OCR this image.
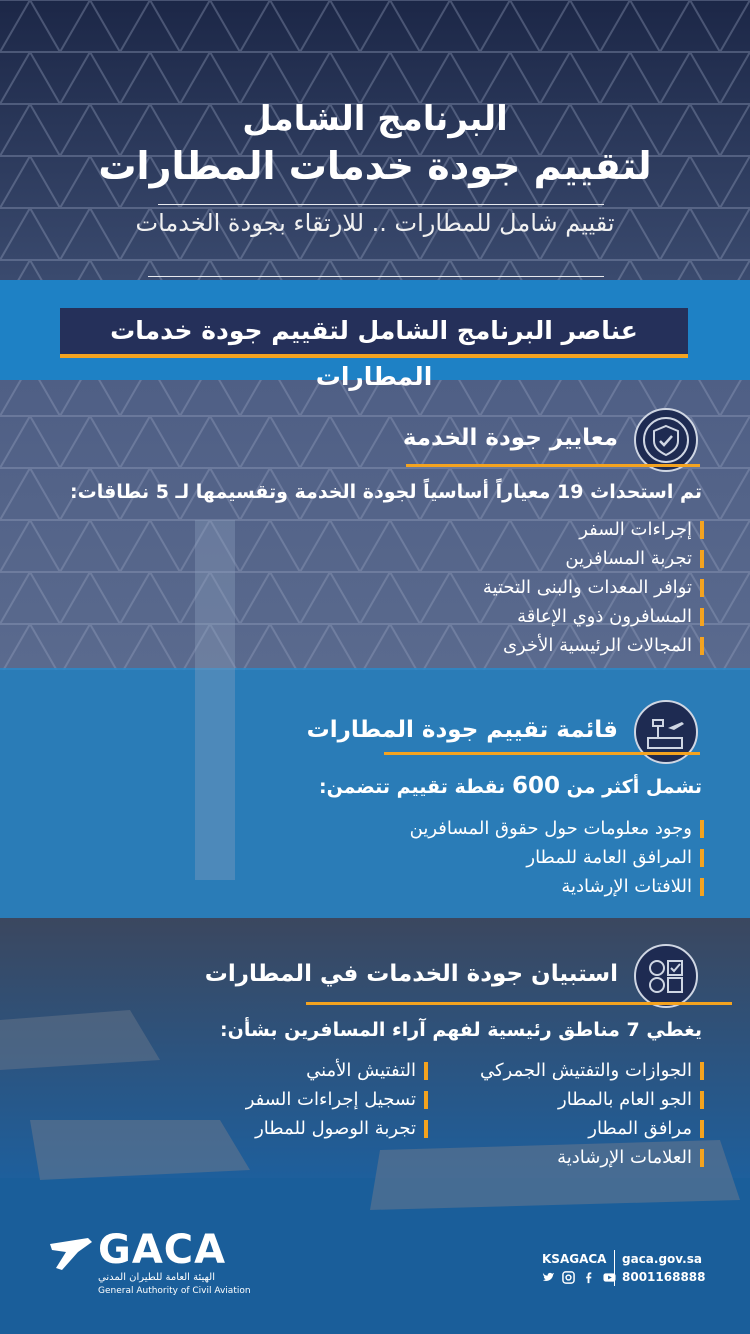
البرنامج الشامل
لتقييم جودة خدمات المطارات
تقييم شامل للمطارات .. للارتقاء بجودة الخدمات
عناصر البرنامج الشامل لتقييم جودة خدمات المطارات
معايير جودة الخدمة
تم استحداث 19 معياراً أساسياً لجودة الخدمة وتقسيمها لـ 5 نطاقات:
إجراءات السفر
تجربة المسافرين
توافر المعدات والبنى التحتية
المسافرون ذوي الإعاقة
المجالات الرئيسية الأخرى
قائمة تقييم جودة المطارات
تشمل أكثر من 600 نقطة تقييم تتضمن:
وجود معلومات حول حقوق المسافرين
المرافق العامة للمطار
اللافتات الإرشادية
استبيان جودة الخدمات في المطارات
يغطي 7 مناطق رئيسية لفهم آراء المسافرين بشأن:
الجوازات والتفتيش الجمركي
الجو العام بالمطار
مرافق المطار
العلامات الإرشادية
التفتيش الأمني
تسجيل إجراءات السفر
تجربة الوصول للمطار
GACA
الهيئة العامة للطيران المدني
General Authority of Civil Aviation
KSAGACA
	gaca.gov.sa
8001168888
